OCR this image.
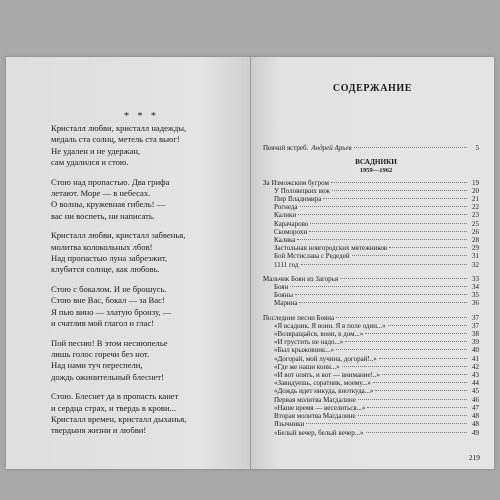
* * *
Кристалл любви, кристалл надежды,
медаль ста солнц, метель ста вьюг!
Не удален и не удержан,
сам удалился и стою.
Стою над пропастью. Два грифа
летают. Море — в небесах.
О волны, кружевная гибель! —
вас ни воспеть, ни написать.
Кристалл любви, кристалл забвенья,
молитва колокольных лбов!
Над пропастью луна забрезжит,
клубится солнце, как любовь.
Стою с бокалом. И не брошусь.
Стою вне Вас, бокал — за Вас!
Я пью вино — златую бронзу, —
и счатлив мой глагол и глас!
Пой песню! В этом несиюпелье
лишь голос горечи без нот.
Над нами туч переспели,
дождь ожинительный блеснет!
Стою. Блеснет да в пропасть канет
и сердца страх, и твердь в крови...
Кристалл времен, кристалл дыханья,
твердыня жизни и любви!
СОДЕРЖАНИЕ
Певчий ястреб. Андрей Арьев	5
ВСАДНИКИ
1959—1962
За Изможским бугром	19
У Половецких веж	20
Пир Владимира	21
Рогнеда	22
Калики	23
Карачарово	25
Скоморохи	26
Калика	28
Застольная новгородских мятежников	29
Бой Мстислава с Редедей	31
1111 год	32
Мальчик Боян из Загорья	33
Боян	34
Бояны	35
Марина	36
Последние песни Бояна	37
«Я всадник. Я воин. Я в поле один...»	37
«Возвращайся, воин, в дом...»	38
«И грустить не надо...»	39
«Был крыжовник...»	40
«Догорай, мой лучина, догорай!..»	41
«Где же наши кони...»	42
«И вот опять, и вот — внимание!..»	43
«Завидуешь, соратник, моему...»	44
«Дождь идет никуда, вноткуда...»	45
Первая молитва Магдалине	46
«Наше время — веселиться...»	47
Вторая молитва Магдалине	48
Язычники	48
«Белый вечер, белый вечер...»	49
219
